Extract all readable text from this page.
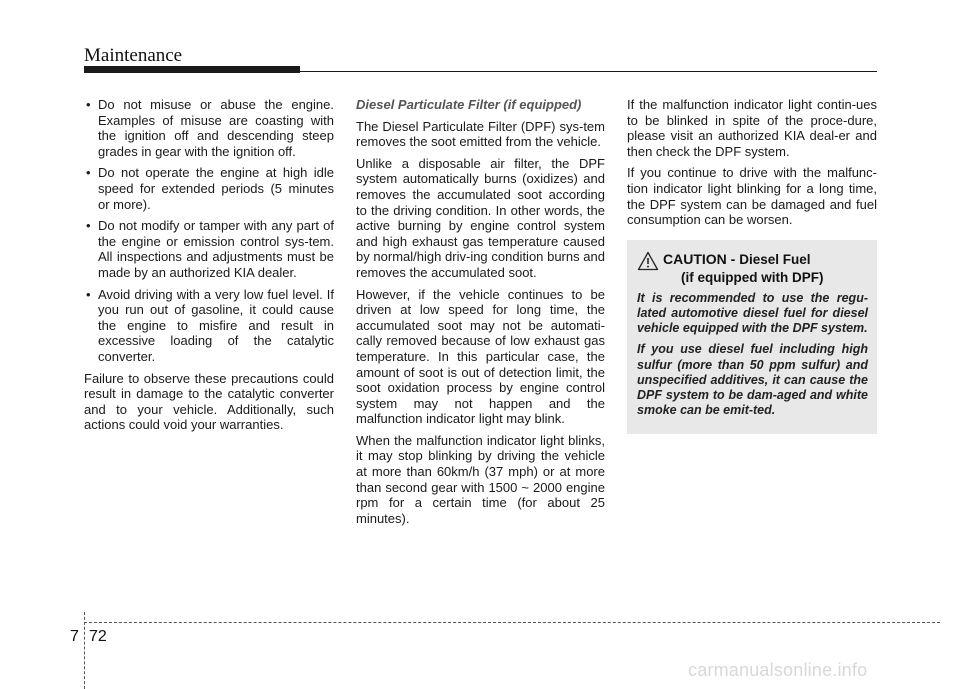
Maintenance
• Do not misuse or abuse the engine. Examples of misuse are coasting with the ignition off and descending steep grades in gear with the ignition off.
• Do not operate the engine at high idle speed for extended periods (5 minutes or more).
• Do not modify or tamper with any part of the engine or emission control sys-tem. All inspections and adjustments must be made by an authorized KIA dealer.
• Avoid driving with a very low fuel level. If you run out of gasoline, it could cause the engine to misfire and result in excessive loading of the catalytic converter.

Failure to observe these precautions could result in damage to the catalytic converter and to your vehicle. Additionally, such actions could void your warranties.

Diesel Particulate Filter (if equipped)

The Diesel Particulate Filter (DPF) sys-tem removes the soot emitted from the vehicle.

Unlike a disposable air filter, the DPF system automatically burns (oxidizes) and removes the accumulated soot according to the driving condition. In other words, the active burning by engine control system and high exhaust gas temperature caused by normal/high driv-ing condition burns and removes the accumulated soot.

However, if the vehicle continues to be driven at low speed for long time, the accumulated soot may not be automati-cally removed because of low exhaust gas temperature. In this particular case, the amount of soot is out of detection limit, the soot oxidation process by engine control system may not happen and the malfunction indicator light may blink.

When the malfunction indicator light blinks, it may stop blinking by driving the vehicle at more than 60km/h (37 mph) or at more than second gear with 1500 ~ 2000 engine rpm for a certain time (for about 25 minutes).

If the malfunction indicator light contin-ues to be blinked in spite of the proce-dure, please visit an authorized KIA deal-er and then check the DPF system.

If you continue to drive with the malfunc-tion indicator light blinking for a long time, the DPF system can be damaged and fuel consumption can be worsen.

CAUTION - Diesel Fuel
(if equipped with DPF)

It is recommended to use the regu-lated automotive diesel fuel for diesel vehicle equipped with the DPF system.

If you use diesel fuel including high sulfur (more than 50 ppm sulfur) and unspecified additives, it can cause the DPF system to be dam-aged and white smoke can be emit-ted.

7 72
carmanualsonline.info
